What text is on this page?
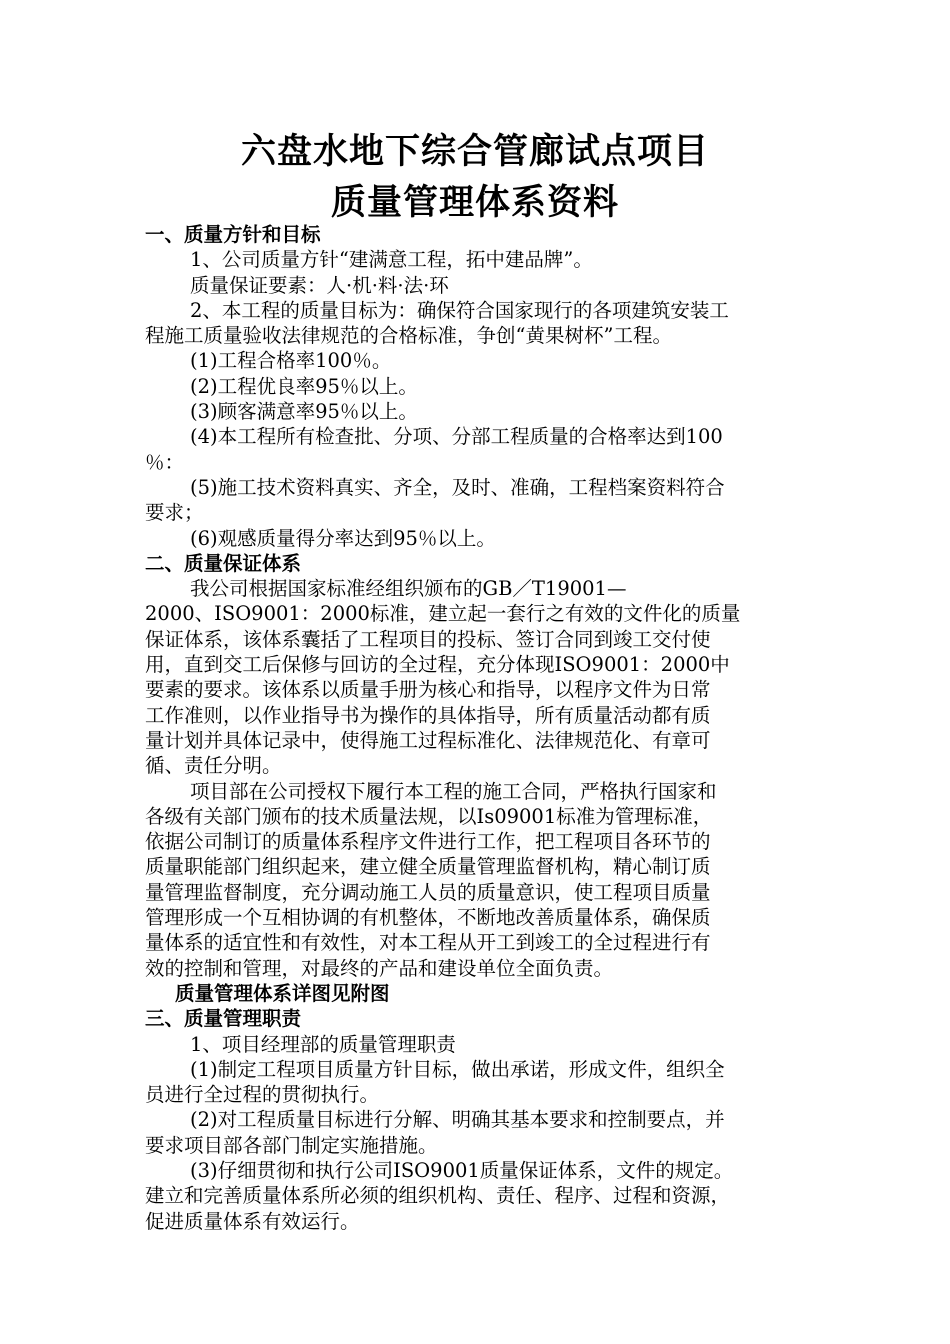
六盘水地下综合管廊试点项目
质量管理体系资料

一、质量方针和目标

1、公司质量方针“建满意工程，拓中建品牌”。

质量保证要素：人·机·料·法·环

2、本工程的质量目标为：确保符合国家现行的各项建筑安装工

程施工质量验收法律规范的合格标准，争创“黄果树杯”工程。

(1)工程合格率100％。

(2)工程优良率95％以上。

(3)顾客满意率95％以上。

(4)本工程所有检查批、分项、分部工程质量的合格率达到100

％：

(5)施工技术资料真实、齐全，及时、准确，工程档案资料符合

要求；

(6)观感质量得分率达到95％以上。

二、质量保证体系

我公司根据国家标准经组织颁布的GB／T19001—

2000、ISO9001：2000标准，建立起一套行之有效的文件化的质量

保证体系，该体系囊括了工程项目的投标、签订合同到竣工交付使

用，直到交工后保修与回访的全过程，充分体现ISO9001：2000中

要素的要求。该体系以质量手册为核心和指导，以程序文件为日常

工作准则，以作业指导书为操作的具体指导，所有质量活动都有质

量计划并具体记录中，使得施工过程标准化、法律规范化、有章可

循、责任分明。

项目部在公司授权下履行本工程的施工合同，严格执行国家和

各级有关部门颁布的技术质量法规，以Is09001标准为管理标准，

依据公司制订的质量体系程序文件进行工作，把工程项目各环节的

质量职能部门组织起来，建立健全质量管理监督机构，精心制订质

量管理监督制度，充分调动施工人员的质量意识，使工程项目质量

管理形成一个互相协调的有机整体，不断地改善质量体系，确保质

量体系的适宜性和有效性，对本工程从开工到竣工的全过程进行有

效的控制和管理，对最终的产品和建设单位全面负责。

质量管理体系详图见附图

三、质量管理职责

1、项目经理部的质量管理职责

(1)制定工程项目质量方针目标，做出承诺，形成文件，组织全

员进行全过程的贯彻执行。

(2)对工程质量目标进行分解、明确其基本要求和控制要点，并

要求项目部各部门制定实施措施。

(3)仔细贯彻和执行公司ISO9001质量保证体系，文件的规定。

建立和完善质量体系所必须的组织机构、责任、程序、过程和资源，

促进质量体系有效运行。
